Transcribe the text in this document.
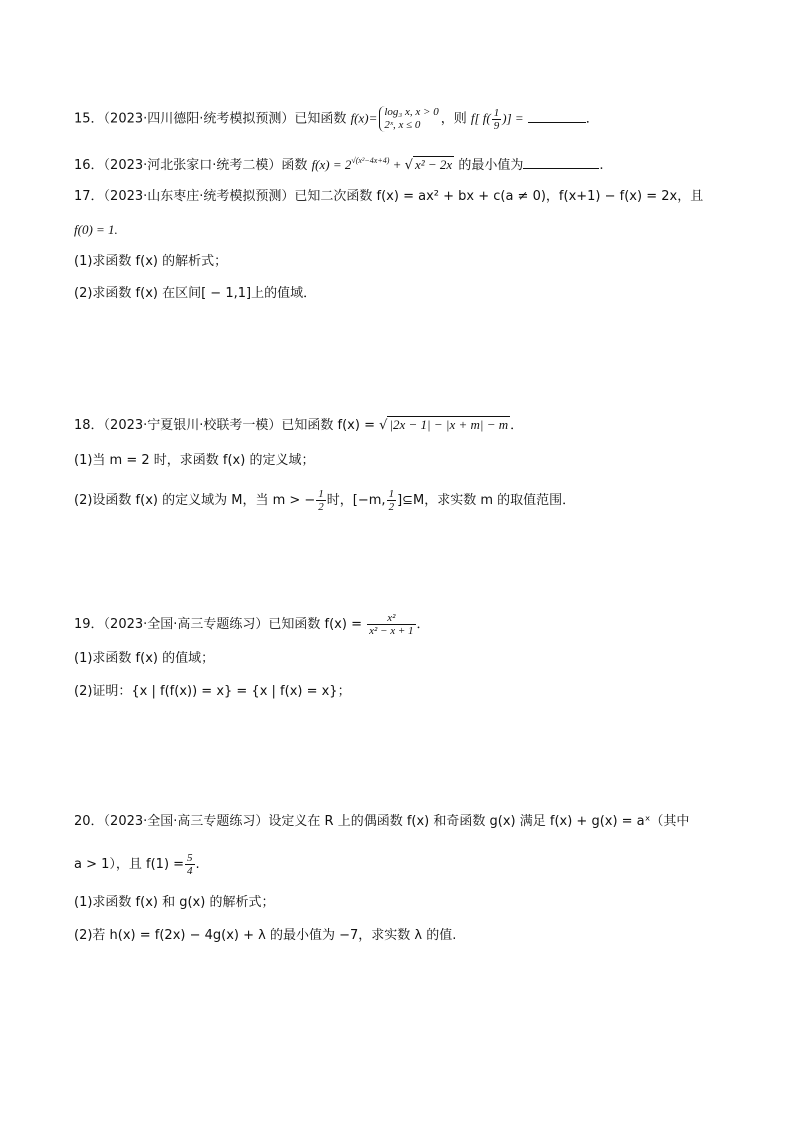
15．（2023·四川德阳·统考模拟预测）已知函数 f(x)= log₃ x, x > 0
2ˣ, x ≤ 0	，则 f[ $f( \frac{1}{9}$ )] =	．
16．（2023·河北张家口·统考二模）函数 $f(x) = 2^{√(x^2-4x+4)}$ + √ x² − 2x 的最小值为	.
17．（2023·山东枣庄·统考模拟预测）已知二次函数 f(x) = ax² + bx + c(a ≠ 0)，f(x+1) − f(x) = 2x，且
f(0) = 1.
(1)求函数 f(x) 的解析式；
(2)求函数 f(x) 在区间[ − 1,1]上的值域．
18．（2023·宁夏银川·校联考一模）已知函数 f(x) = √ |2x − 1| − |x + m| − m ．
(1)当 m = 2 时，求函数 f(x) 的定义域；
(2)设函数 f(x) 的定义域为 M，当 m > − $\frac{1}{2}$ 时，[−m, $\frac{1}{2}$ ]⊆M，求实数 m 的取值范围．
19．（2023·全国·高三专题练习）已知函数 $f(x) = \frac{\text{x²}}{\text{x² − x + 1}}$ ．
(1)求函数 f(x) 的值域；
(2)证明：{x | f(f(x)) = x} = {x | f(x) = x}；
20．（2023·全国·高三专题练习）设定义在 R 上的偶函数 f(x) 和奇函数 g(x) 满足 f(x) + g(x) = aˣ（其中
a > 1），且 $f(1) = \frac{5}{4}$ .
(1)求函数 f(x) 和 g(x) 的解析式；
(2)若 h(x) = f(2x) − 4g(x) + λ 的最小值为 −7，求实数 λ 的值.
